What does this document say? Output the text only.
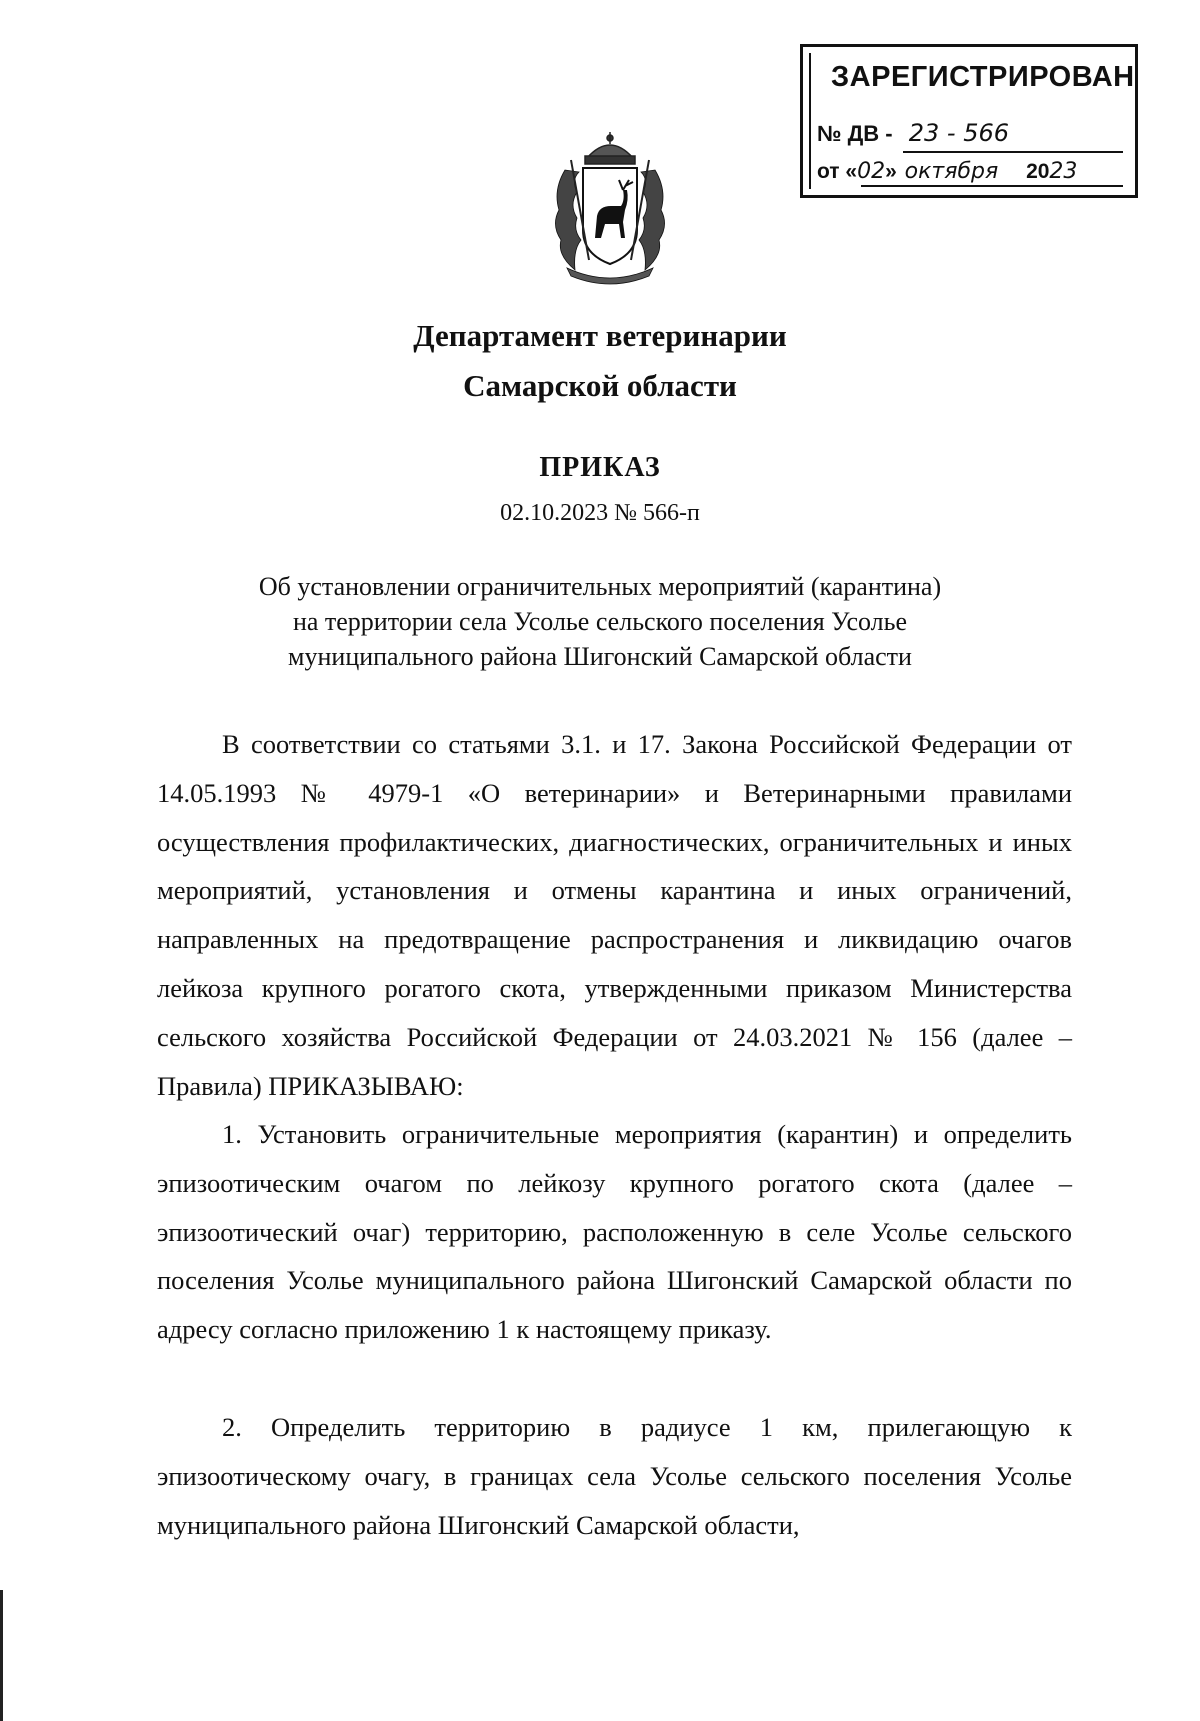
ЗАРЕГИСТРИРОВАН
№ ДВ - 23 - 566
от «02» октября 2023
Департамент ветеринарии
Самарской области
ПРИКАЗ
02.10.2023 № 566-п
Об установлении ограничительных мероприятий (карантина)
на территории села Усолье сельского поселения Усолье
муниципального района Шигонский Самарской области
В соответствии со статьями 3.1. и 17. Закона Российской Федерации от 14.05.1993 № 4979-1 «О ветеринарии» и Ветеринарными правилами осуществления профилактических, диагностических, ограничительных и иных мероприятий, установления и отмены карантина и иных ограничений, направленных на предотвращение распространения и ликвидацию очагов лейкоза крупного рогатого скота, утвержденными приказом Министерства сельского хозяйства Российской Федерации от 24.03.2021 № 156 (далее – Правила) ПРИКАЗЫВАЮ:
1. Установить ограничительные мероприятия (карантин) и определить эпизоотическим очагом по лейкозу крупного рогатого скота (далее – эпизоотический очаг) территорию, расположенную в селе Усолье сельского поселения Усолье муниципального района Шигонский Самарской области по адресу согласно приложению 1 к настоящему приказу.
2. Определить территорию в радиусе 1 км, прилегающую к эпизоотическому очагу, в границах села Усолье сельского поселения Усолье муниципального района Шигонский Самарской области,
